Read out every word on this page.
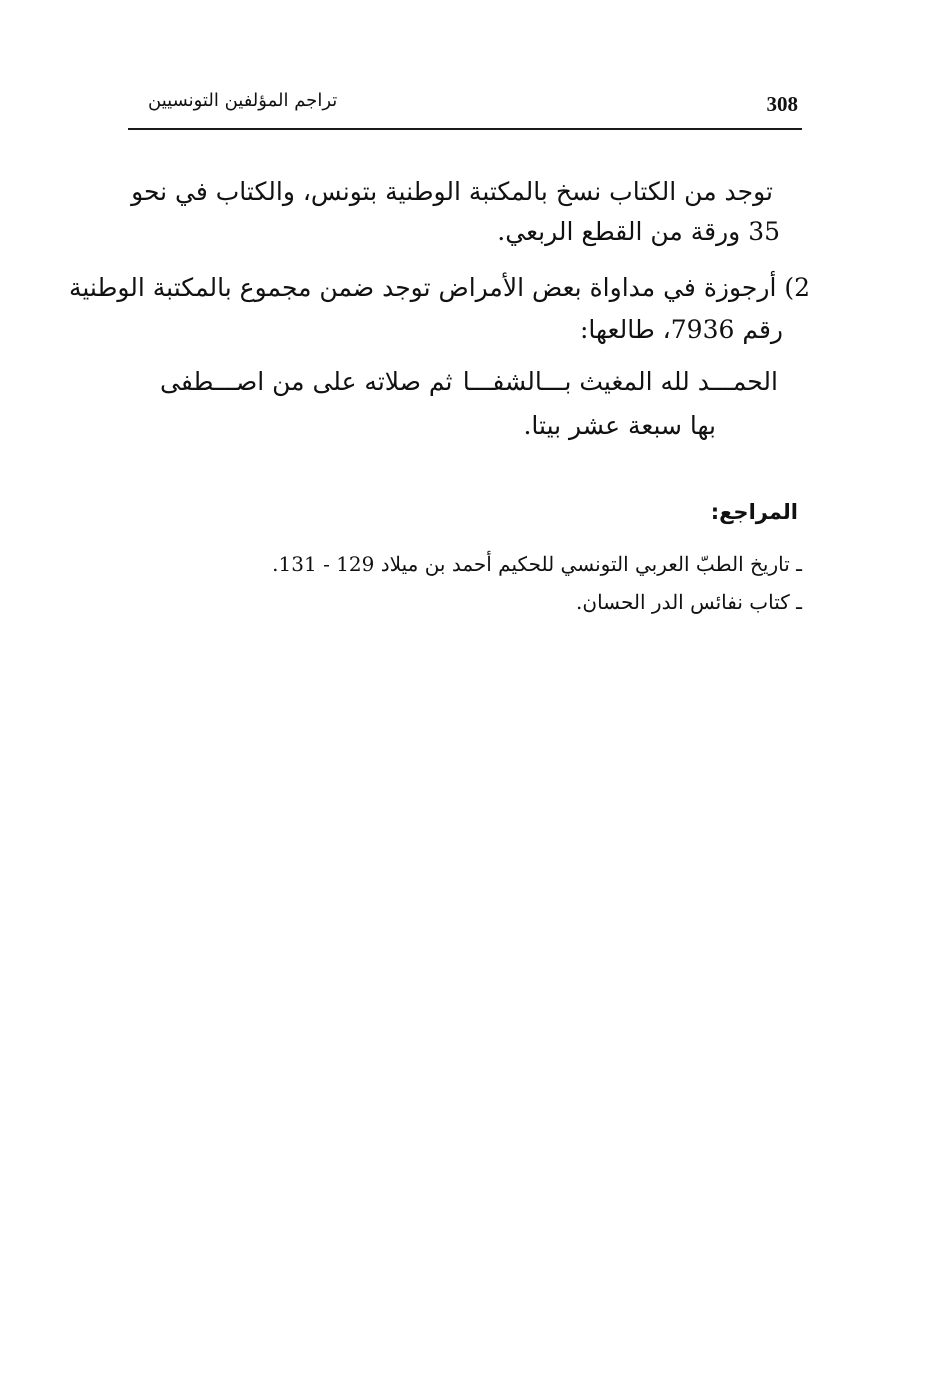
308
تراجم المؤلفين التونسيين
توجد من الكتاب نسخ بالمكتبة الوطنية بتونس، والكتاب في نحو
35 ورقة من القطع الربعي.
2) أرجوزة في مداواة بعض الأمراض توجد ضمن مجموع بالمكتبة الوطنية
رقم 7936، طالعها:
الحمـــد لله المغيث بـــالشفـــا
ثم صلاته على من اصـــطفى
بها سبعة عشر بيتا.
المراجع:
ـ تاريخ الطبّ العربي التونسي للحكيم أحمد بن ميلاد 129 - 131.
ـ كتاب نفائس الدر الحسان.
